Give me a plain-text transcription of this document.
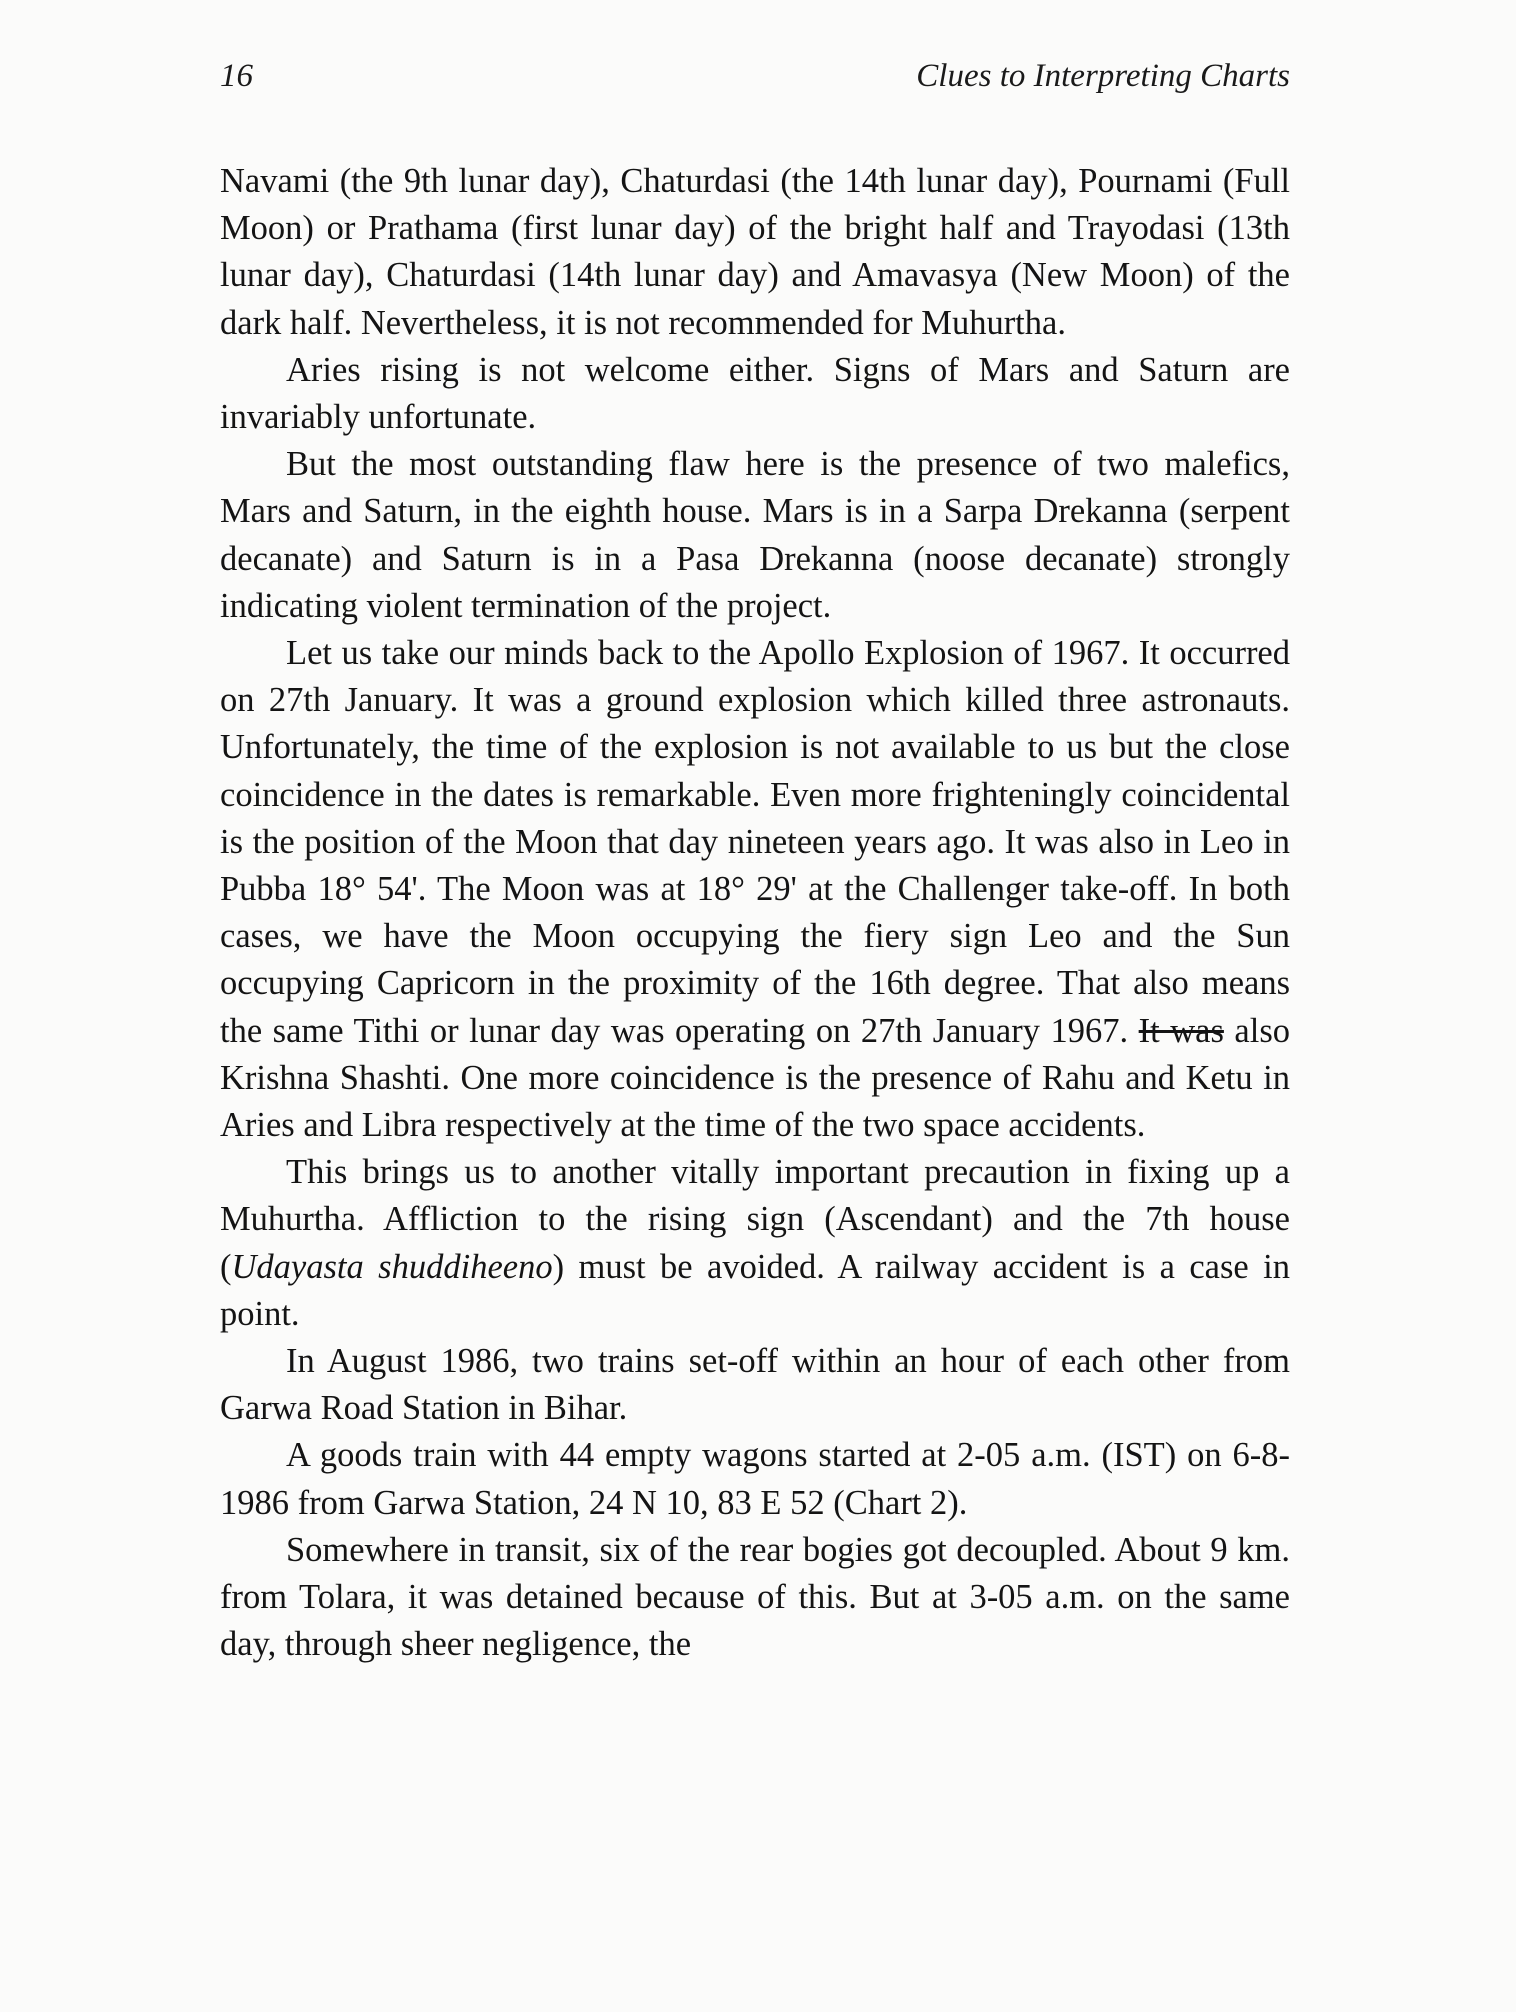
16	Clues to Interpreting Charts

Navami (the 9th lunar day), Chaturdasi (the 14th lunar day), Pournami (Full Moon) or Prathama (first lunar day) of the bright half and Trayodasi (13th lunar day), Chaturdasi (14th lunar day) and Amavasya (New Moon) of the dark half. Nevertheless, it is not recommended for Muhurtha.

Aries rising is not welcome either. Signs of Mars and Saturn are invariably unfortunate.

But the most outstanding flaw here is the presence of two malefics, Mars and Saturn, in the eighth house. Mars is in a Sarpa Drekanna (serpent decanate) and Saturn is in a Pasa Drekanna (noose decanate) strongly indicating violent termination of the project.

Let us take our minds back to the Apollo Explosion of 1967. It occurred on 27th January. It was a ground explosion which killed three astronauts. Unfortunately, the time of the explosion is not available to us but the close coincidence in the dates is remarkable. Even more frighteningly coincidental is the position of the Moon that day nineteen years ago. It was also in Leo in Pubba 18° 54'. The Moon was at 18° 29' at the Challenger take-off. In both cases, we have the Moon occupying the fiery sign Leo and the Sun occupying Capricorn in the proximity of the 16th degree. That also means the same Tithi or lunar day was operating on 27th January 1967. It was also Krishna Shashti. One more coincidence is the presence of Rahu and Ketu in Aries and Libra respectively at the time of the two space accidents.

This brings us to another vitally important precaution in fixing up a Muhurtha. Affliction to the rising sign (Ascendant) and the 7th house (Udayasta shuddiheeno) must be avoided. A railway accident is a case in point.

In August 1986, two trains set-off within an hour of each other from Garwa Road Station in Bihar.

A goods train with 44 empty wagons started at 2-05 a.m. (IST) on 6-8-1986 from Garwa Station, 24 N 10, 83 E 52 (Chart 2).

Somewhere in transit, six of the rear bogies got decoupled. About 9 km. from Tolara, it was detained because of this. But at 3-05 a.m. on the same day, through sheer negligence, the
